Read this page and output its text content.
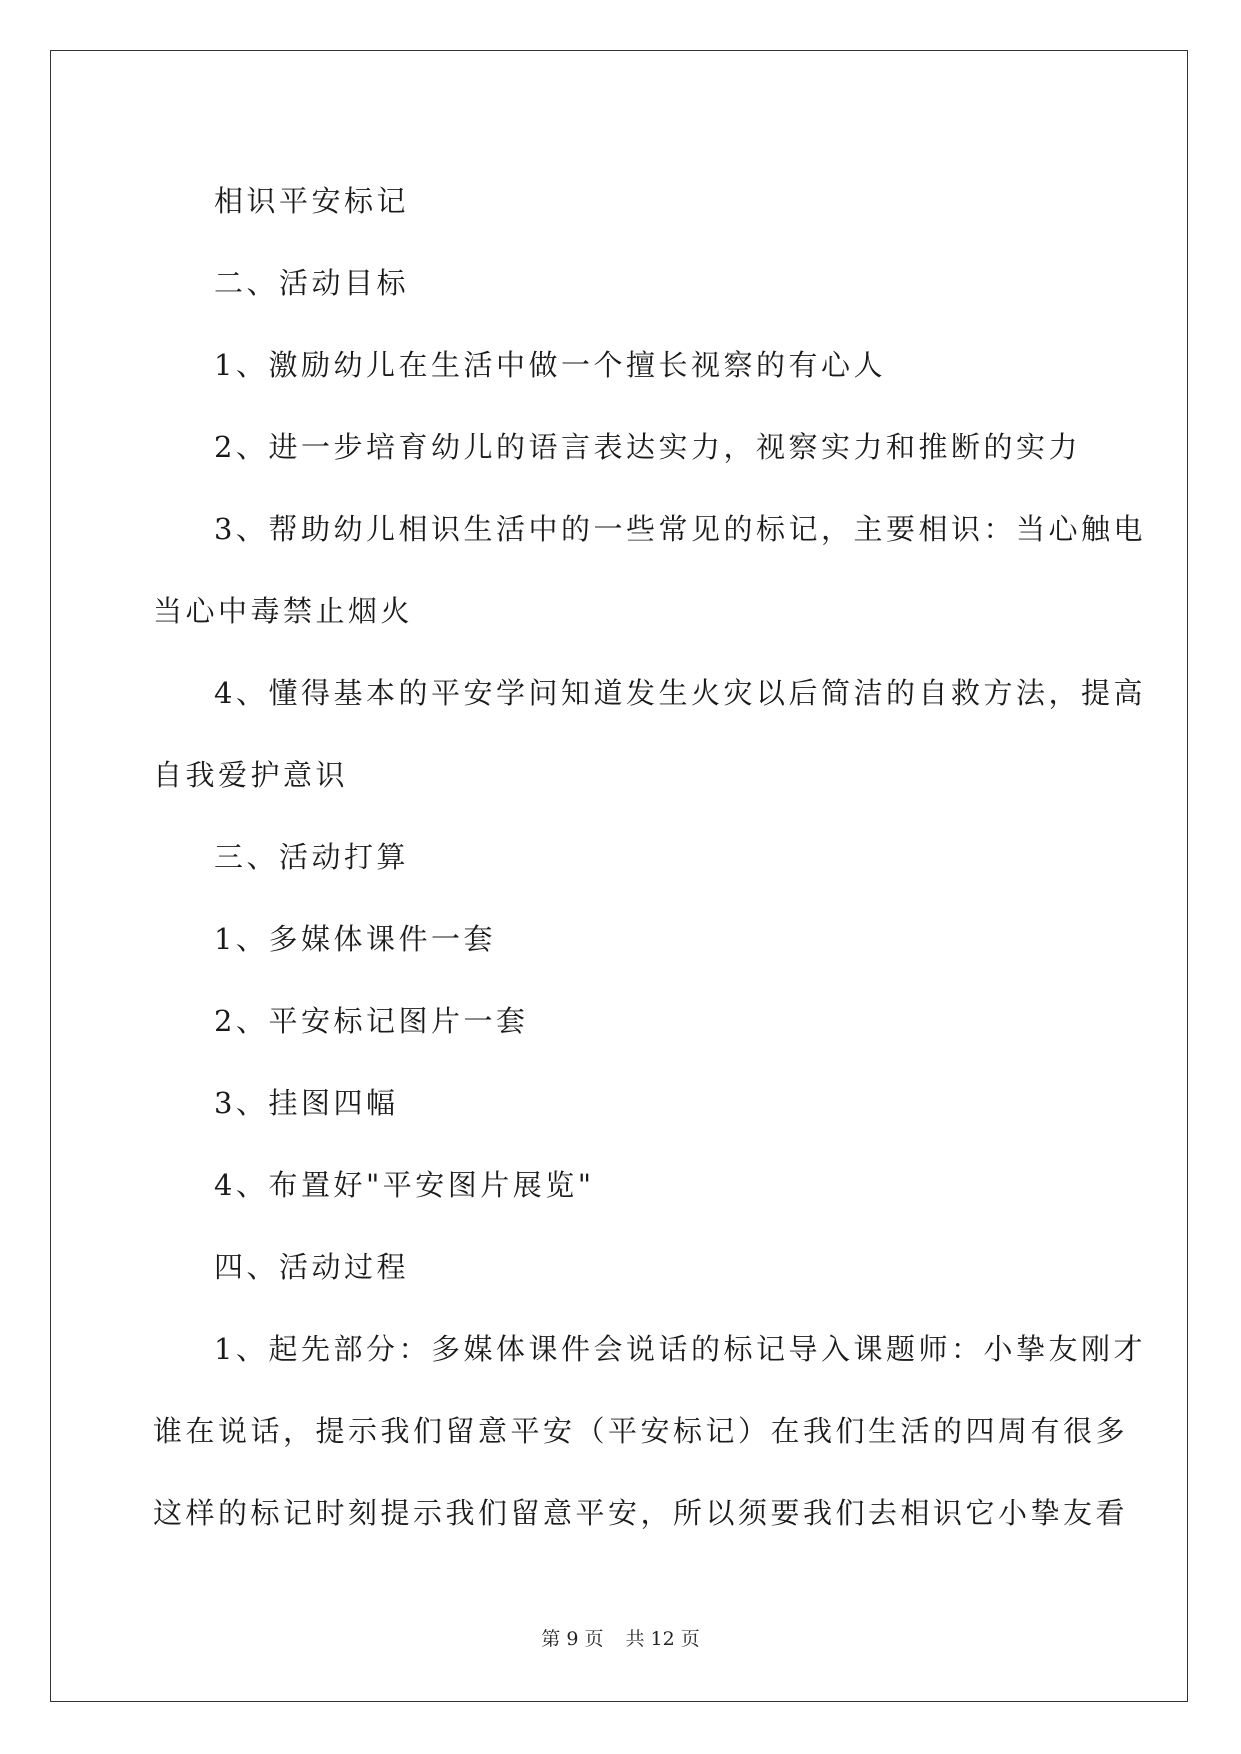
相识平安标记
二、活动目标
1、激励幼儿在生活中做一个擅长视察的有心人
2、进一步培育幼儿的语言表达实力，视察实力和推断的实力
3、帮助幼儿相识生活中的一些常见的标记，主要相识：当心触电
当心中毒禁止烟火
4、懂得基本的平安学问知道发生火灾以后简洁的自救方法，提高
自我爱护意识
三、活动打算
1、多媒体课件一套
2、平安标记图片一套
3、挂图四幅
4、布置好"平安图片展览"
四、活动过程
1、起先部分：多媒体课件会说话的标记导入课题师：小挚友刚才
谁在说话，提示我们留意平安（平安标记）在我们生活的四周有很多
这样的标记时刻提示我们留意平安，所以须要我们去相识它小挚友看
第 9 页 共 12 页
